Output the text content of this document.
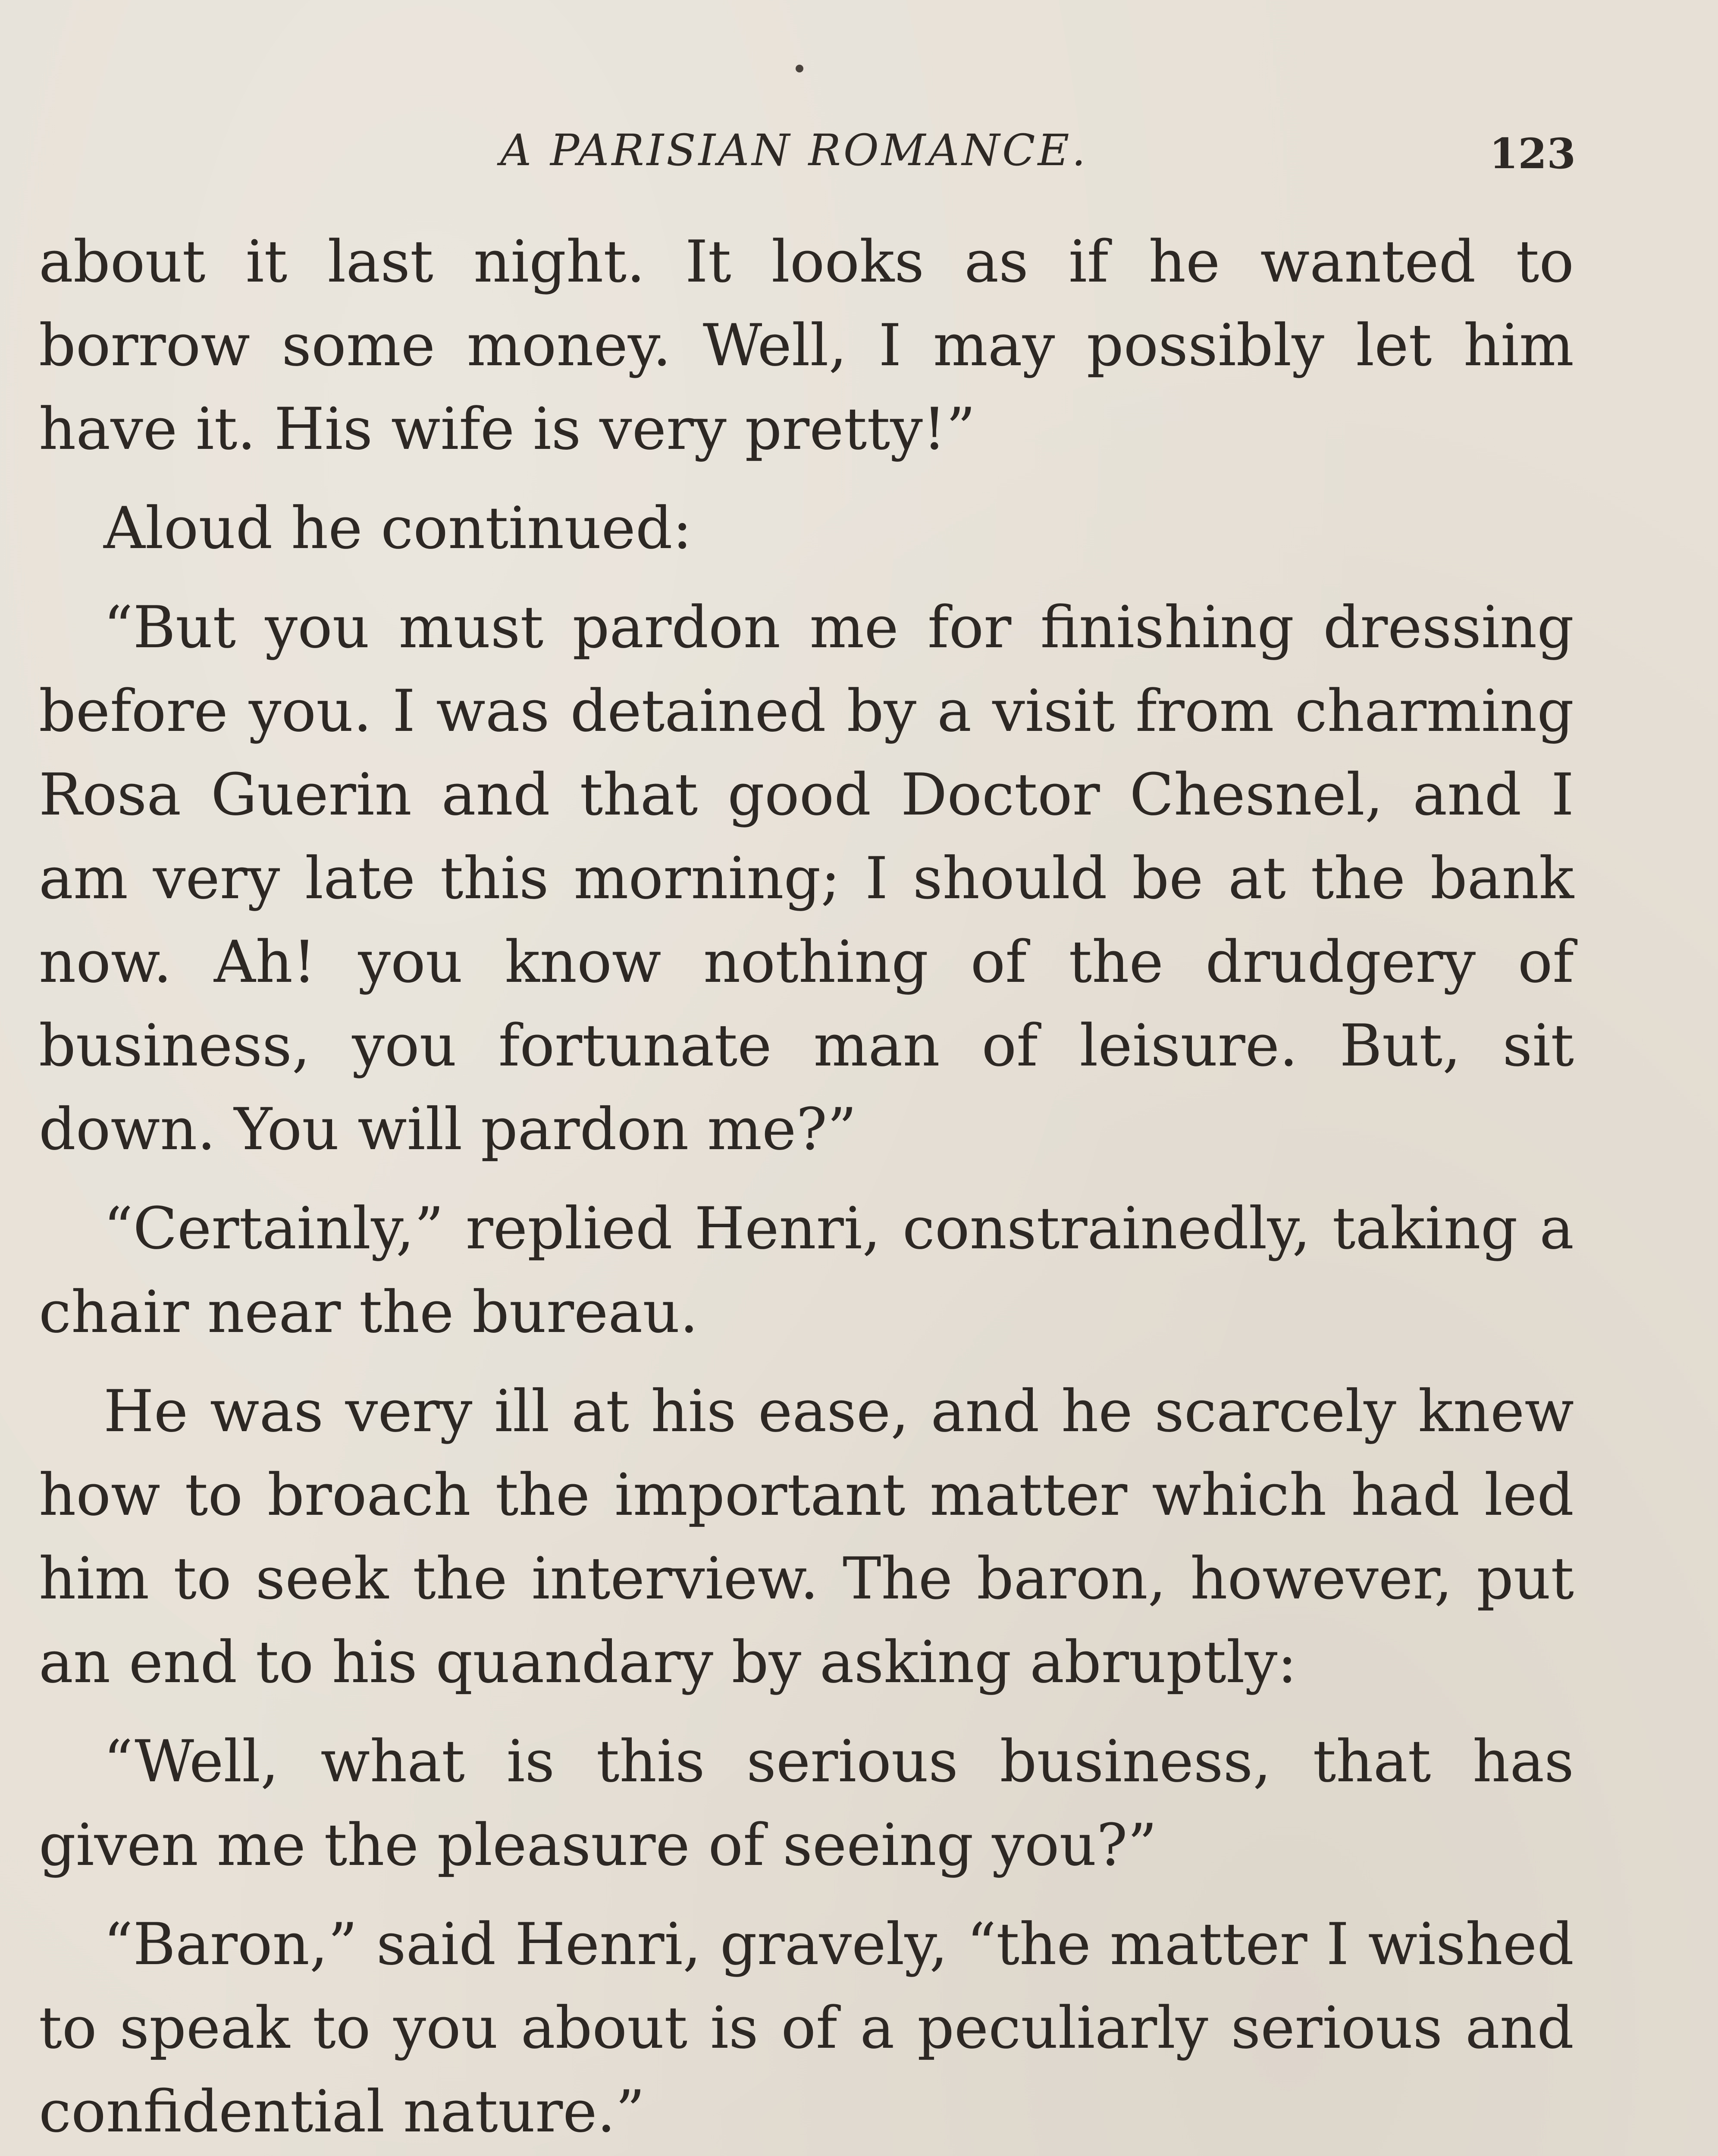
A PARISIAN ROMANCE.	123

about it last night. It looks as if he wanted to borrow some money. Well, I may possibly let him have it. His wife is very pretty!”

Aloud he continued:

“But you must pardon me for finishing dressing before you. I was detained by a visit from charming Rosa Guerin and that good Doctor Chesnel, and I am very late this morning; I should be at the bank now. Ah! you know nothing of the drudgery of business, you fortunate man of leisure. But, sit down. You will pardon me?”

“Certainly,” replied Henri, constrainedly, taking a chair near the bureau.

He was very ill at his ease, and he scarcely knew how to broach the important matter which had led him to seek the interview. The baron, however, put an end to his quandary by asking abruptly:

“Well, what is this serious business, that has given me the pleasure of seeing you?”

“Baron,” said Henri, gravely, “the matter I wished to speak to you about is of a peculiarly serious and confidential nature.”
